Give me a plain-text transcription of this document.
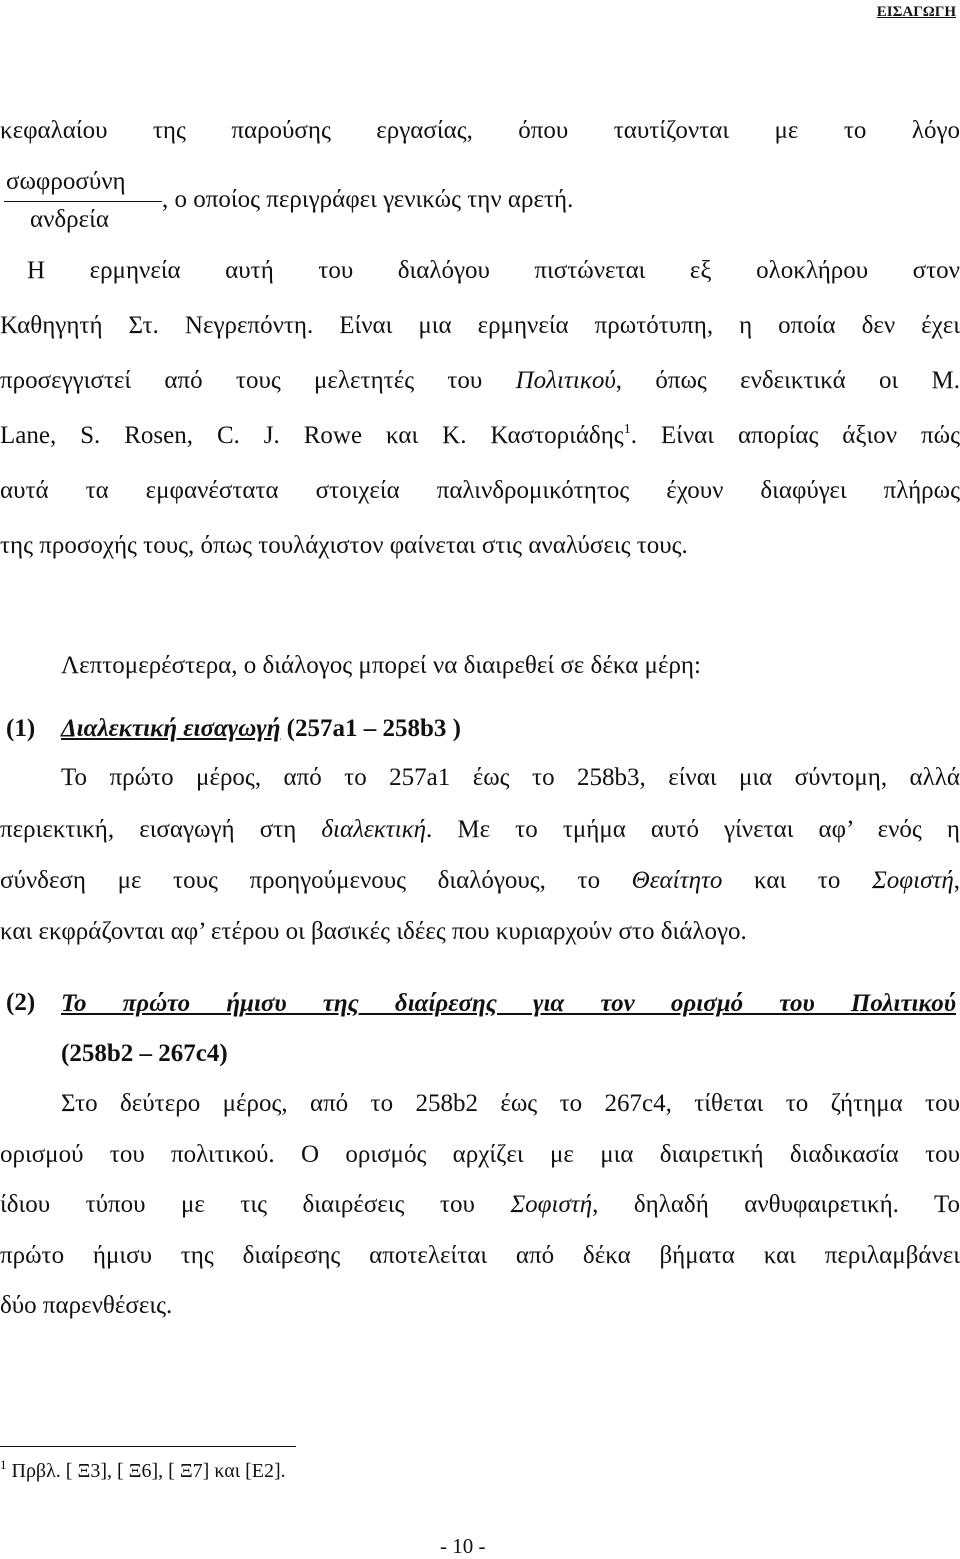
ΕΙΣΑΓΩΓΗ
κεφαλαίου της παρούσης εργασίας, όπου ταυτίζονται με το λόγο
σωφροσύνη
ανδρεία
, ο οποίος περιγράφει γενικώς την αρετή.
Η ερμηνεία αυτή του διαλόγου πιστώνεται εξ ολοκλήρου στον
Καθηγητή Στ. Νεγρεπόντη. Είναι μια ερμηνεία πρωτότυπη, η οποία δεν έχει
προσεγγιστεί από τους μελετητές του Πολιτικού, όπως ενδεικτικά οι Μ.
Lane, S. Rosen, C. J. Rowe και Κ. Καστοριάδης$^1$. Είναι απορίας άξιον πώς
αυτά τα εμφανέστατα στοιχεία παλινδρομικότητος έχουν διαφύγει πλήρως
της προσοχής τους, όπως τουλάχιστον φαίνεται στις αναλύσεις τους.
Λεπτομερέστερα, ο διάλογος μπορεί να διαιρεθεί σε δέκα μέρη:
(1) Διαλεκτική εισαγωγή (257a1 – 258b3 )
Το πρώτο μέρος, από το 257a1 έως το 258b3, είναι μια σύντομη, αλλά
περιεκτική, εισαγωγή στη διαλεκτική. Με το τμήμα αυτό γίνεται αφ’ ενός η
σύνδεση με τους προηγούμενους διαλόγους, το Θεαίτητο και το Σοφιστή,
και εκφράζονται αφ’ ετέρου οι βασικές ιδέες που κυριαρχούν στο διάλογο.
(2) Το πρώτο ήμισυ της διαίρεσης για τον ορισμό του Πολιτικού
(258b2 – 267c4)
Στο δεύτερο μέρος, από το 258b2 έως το 267c4, τίθεται το ζήτημα του
ορισμού του πολιτικού. Ο ορισμός αρχίζει με μια διαιρετική διαδικασία του
ίδιου τύπου με τις διαιρέσεις του Σοφιστή, δηλαδή ανθυφαιρετική. Το
πρώτο ήμισυ της διαίρεσης αποτελείται από δέκα βήματα και περιλαμβάνει
δύο παρενθέσεις.
$^1$ Πρβλ. [ Ξ3], [ Ξ6], [ Ξ7] και [Ε2].
- 10 -
